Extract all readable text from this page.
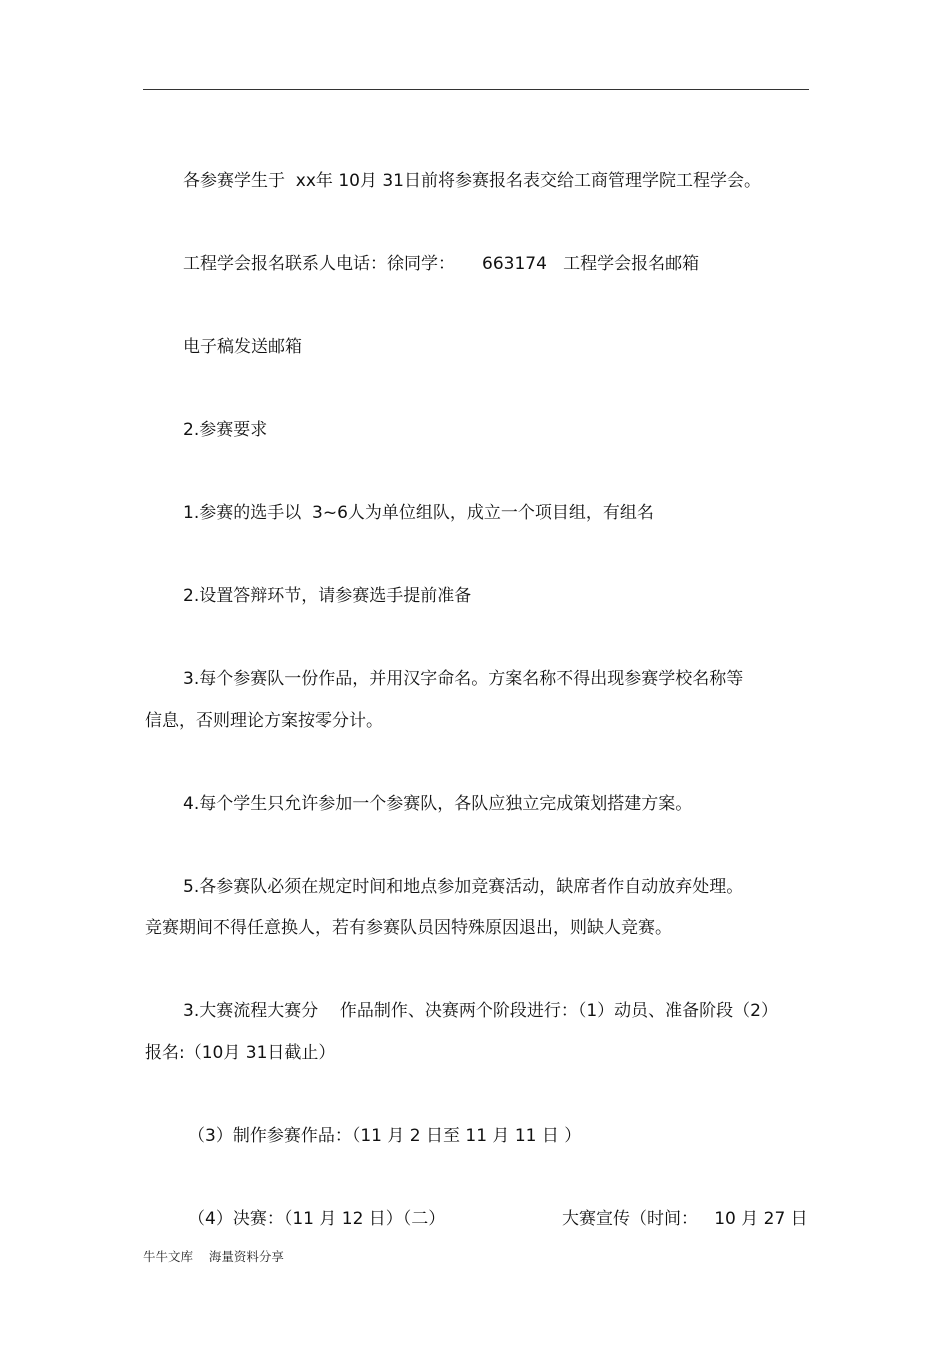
各参赛学生于  xx年 10月 31日前将参赛报名表交给工商管理学院工程学会。
工程学会报名联系人电话：徐同学：     663174   工程学会报名邮箱
电子稿发送邮箱
2.参赛要求
1.参赛的选手以  3~6人为单位组队，成立一个项目组，有组名
2.设置答辩环节，请参赛选手提前准备
3.每个参赛队一份作品，并用汉字命名。方案名称不得出现参赛学校名称等
信息，否则理论方案按零分计。
4.每个学生只允许参加一个参赛队，各队应独立完成策划搭建方案。
5.各参赛队必须在规定时间和地点参加竞赛活动，缺席者作自动放弃处理。
竞赛期间不得任意换人，若有参赛队员因特殊原因退出，则缺人竞赛。
3.大赛流程大赛分    作品制作、决赛两个阶段进行：（1）动员、准备阶段（2）
报名:（10月 31日截止）
（3）制作参赛作品：（11 月 2 日至 11 月 11 日 ）
（4）决赛：（11 月 12 日）（二）	大赛宣传（时间：   10 月 27 日
牛牛文库    海量资料分享
